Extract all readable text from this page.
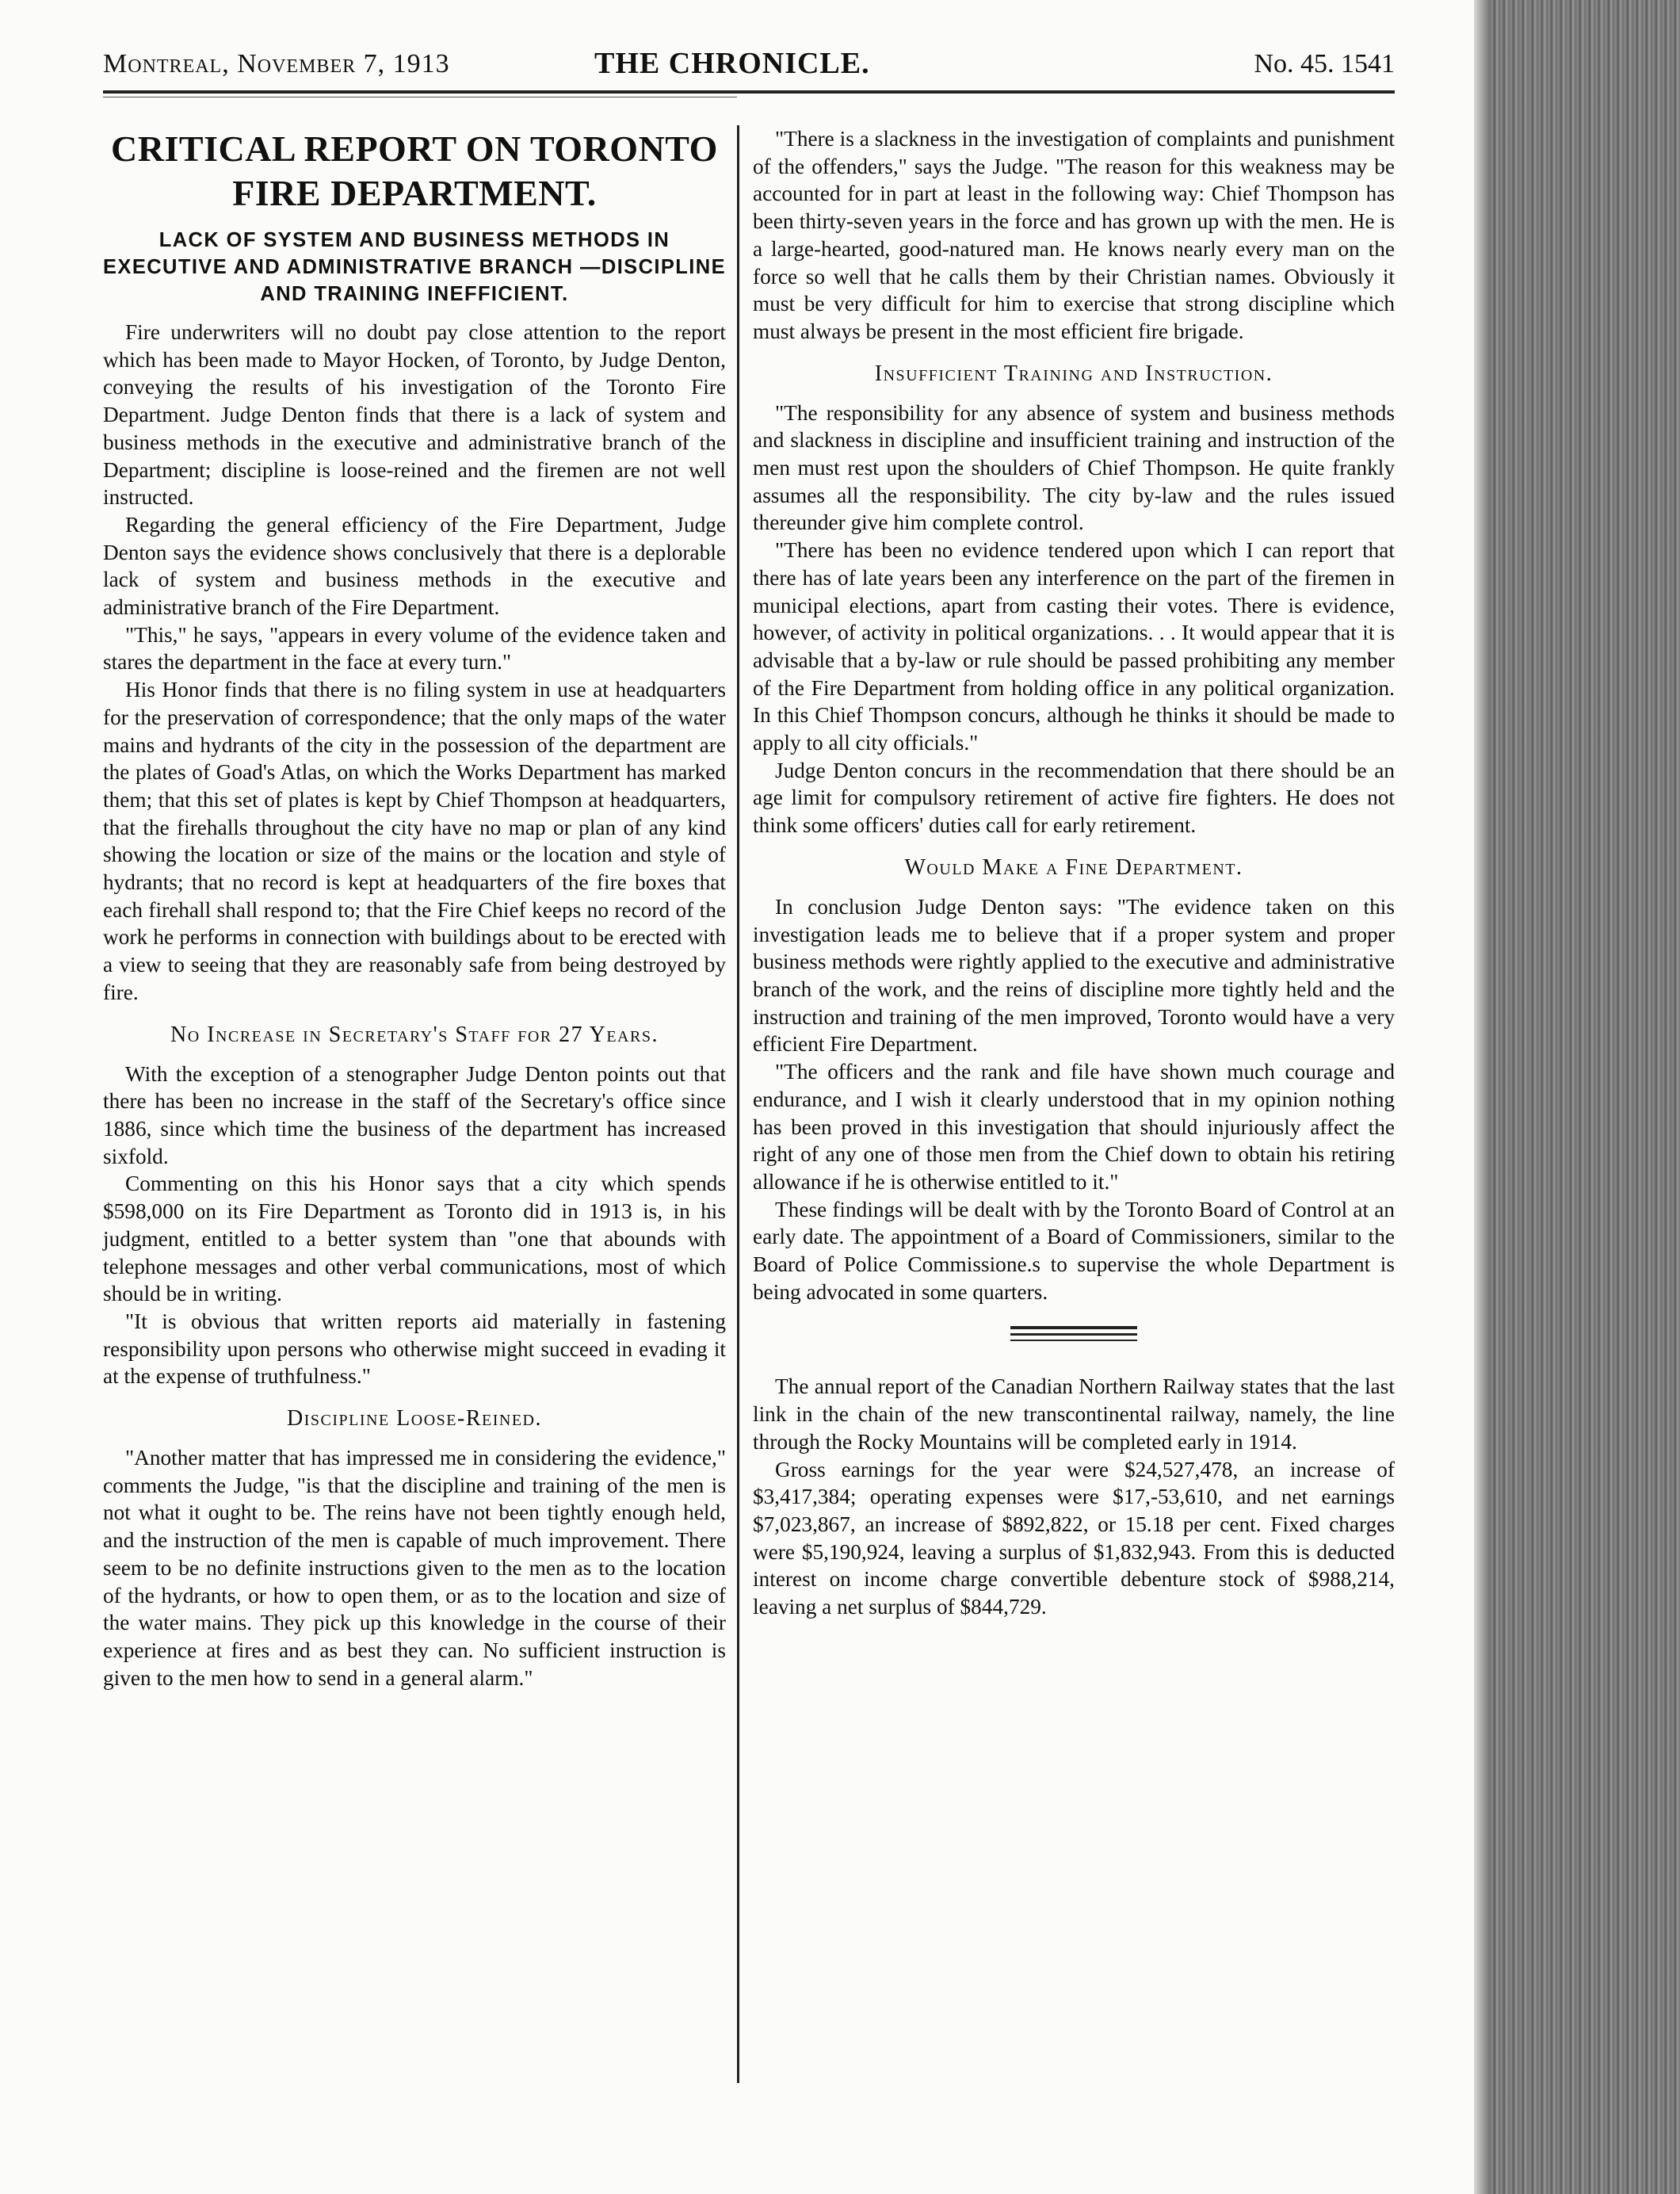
Montreal, November 7, 1913	THE CHRONICLE.	No. 45. 1541
CRITICAL REPORT ON TORONTO FIRE DEPARTMENT.
LACK OF SYSTEM AND BUSINESS METHODS IN EXECUTIVE AND ADMINISTRATIVE BRANCH —DISCIPLINE AND TRAINING INEFFICIENT.

Fire underwriters will no doubt pay close attention to the report which has been made to Mayor Hocken, of Toronto, by Judge Denton, conveying the results of his investigation of the Toronto Fire Department. Judge Denton finds that there is a lack of system and business methods in the executive and administrative branch of the Department; discipline is loose-reined and the firemen are not well instructed.

Regarding the general efficiency of the Fire Department, Judge Denton says the evidence shows conclusively that there is a deplorable lack of system and business methods in the executive and administrative branch of the Fire Department.

"This," he says, "appears in every volume of the evidence taken and stares the department in the face at every turn."

His Honor finds that there is no filing system in use at headquarters for the preservation of correspondence; that the only maps of the water mains and hydrants of the city in the possession of the department are the plates of Goad's Atlas, on which the Works Department has marked them; that this set of plates is kept by Chief Thompson at headquarters, that the firehalls throughout the city have no map or plan of any kind showing the location or size of the mains or the location and style of hydrants; that no record is kept at headquarters of the fire boxes that each firehall shall respond to; that the Fire Chief keeps no record of the work he performs in connection with buildings about to be erected with a view to seeing that they are reasonably safe from being destroyed by fire.

No Increase in Secretary's Staff for 27 Years.

With the exception of a stenographer Judge Denton points out that there has been no increase in the staff of the Secretary's office since 1886, since which time the business of the department has increased sixfold.

Commenting on this his Honor says that a city which spends $598,000 on its Fire Department as Toronto did in 1913 is, in his judgment, entitled to a better system than "one that abounds with telephone messages and other verbal communications, most of which should be in writing.

"It is obvious that written reports aid materially in fastening responsibility upon persons who otherwise might succeed in evading it at the expense of truthfulness."

Discipline Loose-Reined.

"Another matter that has impressed me in considering the evidence," comments the Judge, "is that the discipline and training of the men is not what it ought to be. The reins have not been tightly enough held, and the instruction of the men is capable of much improvement. There seem to be no definite instructions given to the men as to the location of the hydrants, or how to open them, or as to the location and size of the water mains. They pick up this knowledge in the course of their experience at fires and as best they can. No sufficient instruction is given to the men how to send in a general alarm."

"There is a slackness in the investigation of complaints and punishment of the offenders," says the Judge. "The reason for this weakness may be accounted for in part at least in the following way: Chief Thompson has been thirty-seven years in the force and has grown up with the men. He is a large-hearted, good-natured man. He knows nearly every man on the force so well that he calls them by their Christian names. Obviously it must be very difficult for him to exercise that strong discipline which must always be present in the most efficient fire brigade.

Insufficient Training and Instruction.

"The responsibility for any absence of system and business methods and slackness in discipline and insufficient training and instruction of the men must rest upon the shoulders of Chief Thompson. He quite frankly assumes all the responsibility. The city by-law and the rules issued thereunder give him complete control.

"There has been no evidence tendered upon which I can report that there has of late years been any interference on the part of the firemen in municipal elections, apart from casting their votes. There is evidence, however, of activity in political organizations. . . It would appear that it is advisable that a by-law or rule should be passed prohibiting any member of the Fire Department from holding office in any political organization. In this Chief Thompson concurs, although he thinks it should be made to apply to all city officials."

Judge Denton concurs in the recommendation that there should be an age limit for compulsory retirement of active fire fighters. He does not think some officers' duties call for early retirement.

Would Make a Fine Department.

In conclusion Judge Denton says: "The evidence taken on this investigation leads me to believe that if a proper system and proper business methods were rightly applied to the executive and administrative branch of the work, and the reins of discipline more tightly held and the instruction and training of the men improved, Toronto would have a very efficient Fire Department.

"The officers and the rank and file have shown much courage and endurance, and I wish it clearly understood that in my opinion nothing has been proved in this investigation that should injuriously affect the right of any one of those men from the Chief down to obtain his retiring allowance if he is otherwise entitled to it."

These findings will be dealt with by the Toronto Board of Control at an early date. The appointment of a Board of Commissioners, similar to the Board of Police Commissione.s to supervise the whole Department is being advocated in some quarters.

The annual report of the Canadian Northern Railway states that the last link in the chain of the new transcontinental railway, namely, the line through the Rocky Mountains will be completed early in 1914.

Gross earnings for the year were $24,527,478, an increase of $3,417,384; operating expenses were $17,-53,610, and net earnings $7,023,867, an increase of $892,822, or 15.18 per cent. Fixed charges were $5,190,924, leaving a surplus of $1,832,943. From this is deducted interest on income charge convertible debenture stock of $988,214, leaving a net surplus of $844,729.
